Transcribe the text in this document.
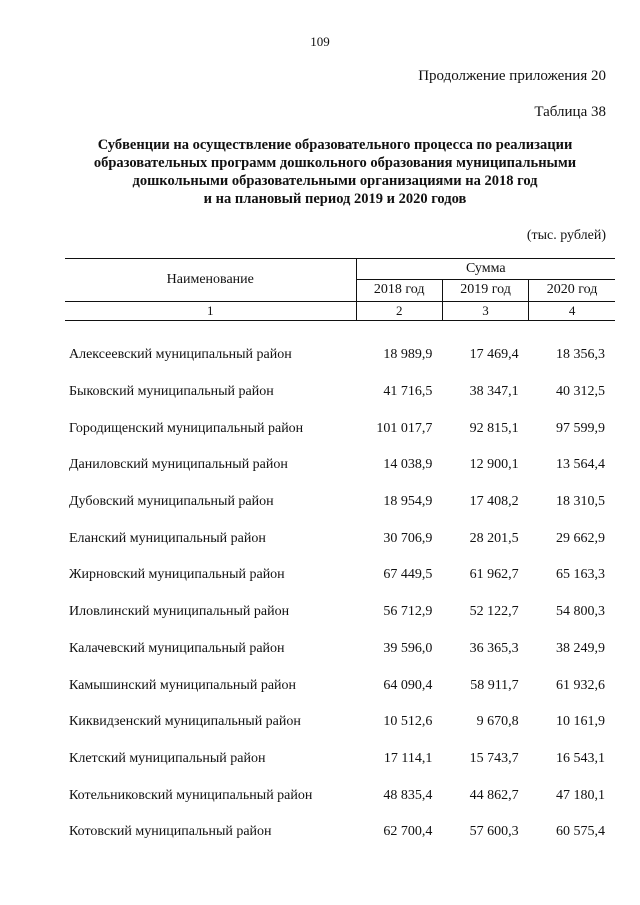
109
Продолжение приложения 20
Таблица 38
Субвенции на осуществление образовательного процесса по реализации
образовательных программ дошкольного образования муниципальными
дошкольными образовательными организациями на 2018 год
и на плановый период 2019 и 2020 годов
(тыс. рублей)
Наименование	Сумма		
	2018 год	2019 год	2020 год
1	2	3	4

Алексеевский муниципальный район	18 989,9	17 469,4	18 356,3
Быковский муниципальный район	41 716,5	38 347,1	40 312,5
Городищенский муниципальный район	101 017,7	92 815,1	97 599,9
Даниловский муниципальный район	14 038,9	12 900,1	13 564,4
Дубовский муниципальный район	18 954,9	17 408,2	18 310,5
Еланский муниципальный район	30 706,9	28 201,5	29 662,9
Жирновский муниципальный район	67 449,5	61 962,7	65 163,3
Иловлинский муниципальный район	56 712,9	52 122,7	54 800,3
Калачевский муниципальный район	39 596,0	36 365,3	38 249,9
Камышинский муниципальный район	64 090,4	58 911,7	61 932,6
Киквидзенский муниципальный район	10 512,6	9 670,8	10 161,9
Клетский муниципальный район	17 114,1	15 743,7	16 543,1
Котельниковский муниципальный район	48 835,4	44 862,7	47 180,1
Котовский муниципальный район	62 700,4	57 600,3	60 575,4
